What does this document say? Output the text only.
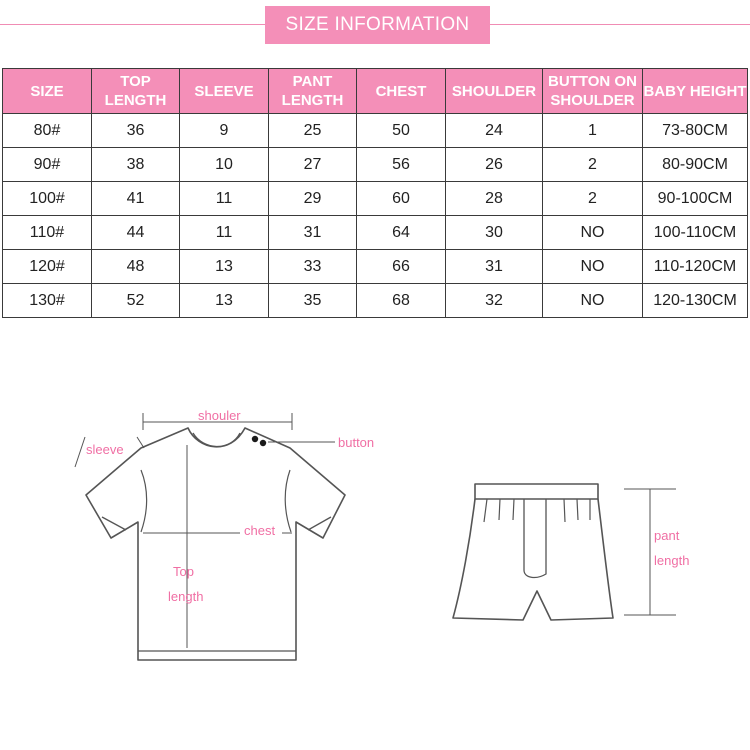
SIZE INFORMATION
SIZE	TOP LENGTH	SLEEVE	PANT LENGTH	CHEST	SHOULDER	BUTTON ON SHOULDER	BABY HEIGHT
80#	36	9	25	50	24	1	73-80CM
90#	38	10	27	56	26	2	80-90CM
100#	41	11	29	60	28	2	90-100CM
110#	44	11	31	64	30	NO	100-110CM
120#	48	13	33	66	31	NO	110-120CM
130#	52	13	35	68	32	NO	120-130CM
shouler
sleeve	button
chest
Top
length
pant
length
